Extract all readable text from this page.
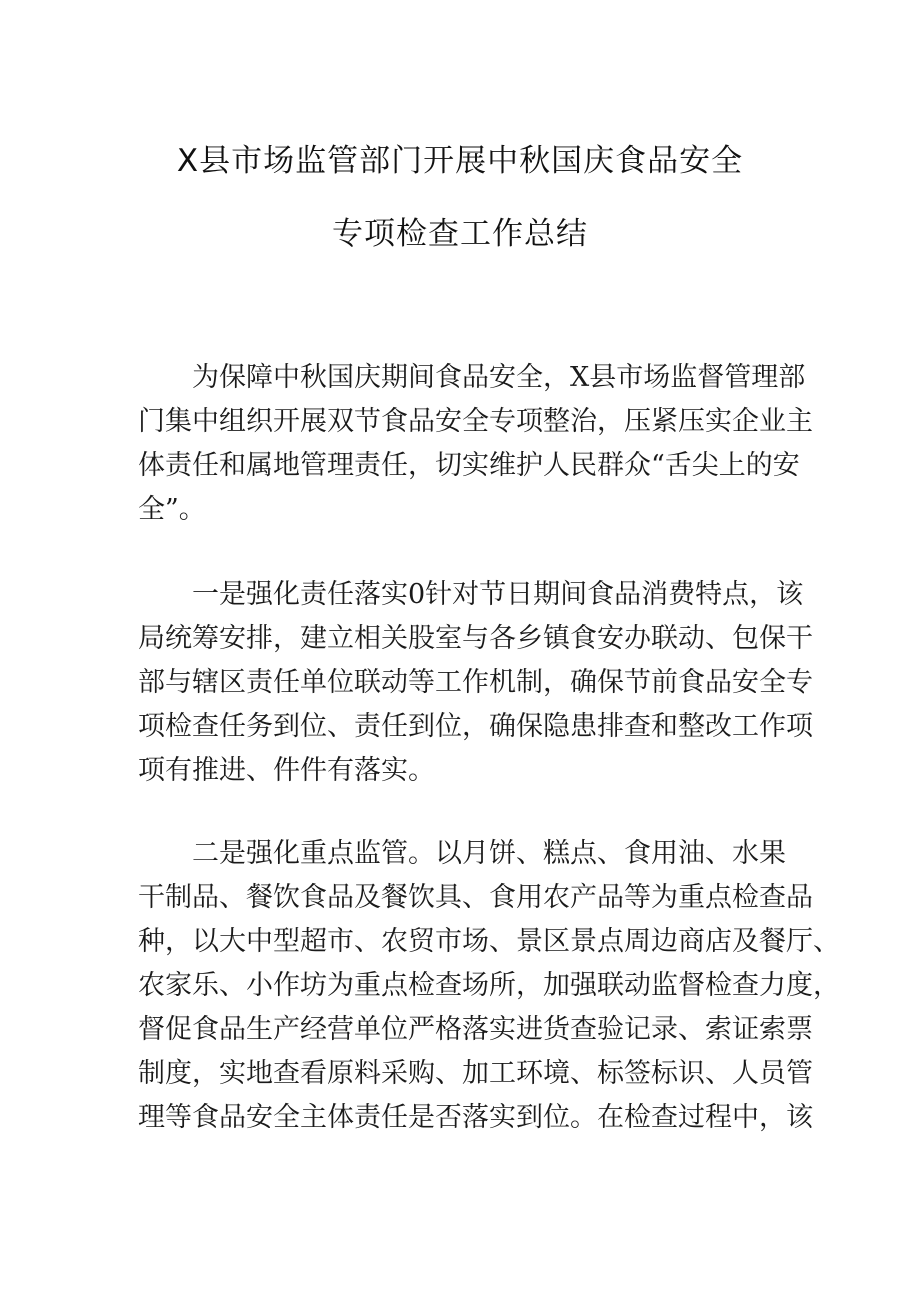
X县市场监管部门开展中秋国庆食品安全
专项检查工作总结

为保障中秋国庆期间食品安全，X县市场监督管理部
门集中组织开展双节食品安全专项整治，压紧压实企业主
体责任和属地管理责任，切实维护人民群众“舌尖上的安
全”。

一是强化责任落实0针对节日期间食品消费特点，该
局统筹安排，建立相关股室与各乡镇食安办联动、包保干
部与辖区责任单位联动等工作机制，确保节前食品安全专
项检查任务到位、责任到位，确保隐患排查和整改工作项
项有推进、件件有落实。

二是强化重点监管。以月饼、糕点、食用油、水果
干制品、餐饮食品及餐饮具、食用农产品等为重点检查品
种，以大中型超市、农贸市场、景区景点周边商店及餐厅、
农家乐、小作坊为重点检查场所，加强联动监督检查力度，
督促食品生产经营单位严格落实进货查验记录、索证索票
制度，实地查看原料采购、加工环境、标签标识、人员管
理等食品安全主体责任是否落实到位。在检查过程中，该
